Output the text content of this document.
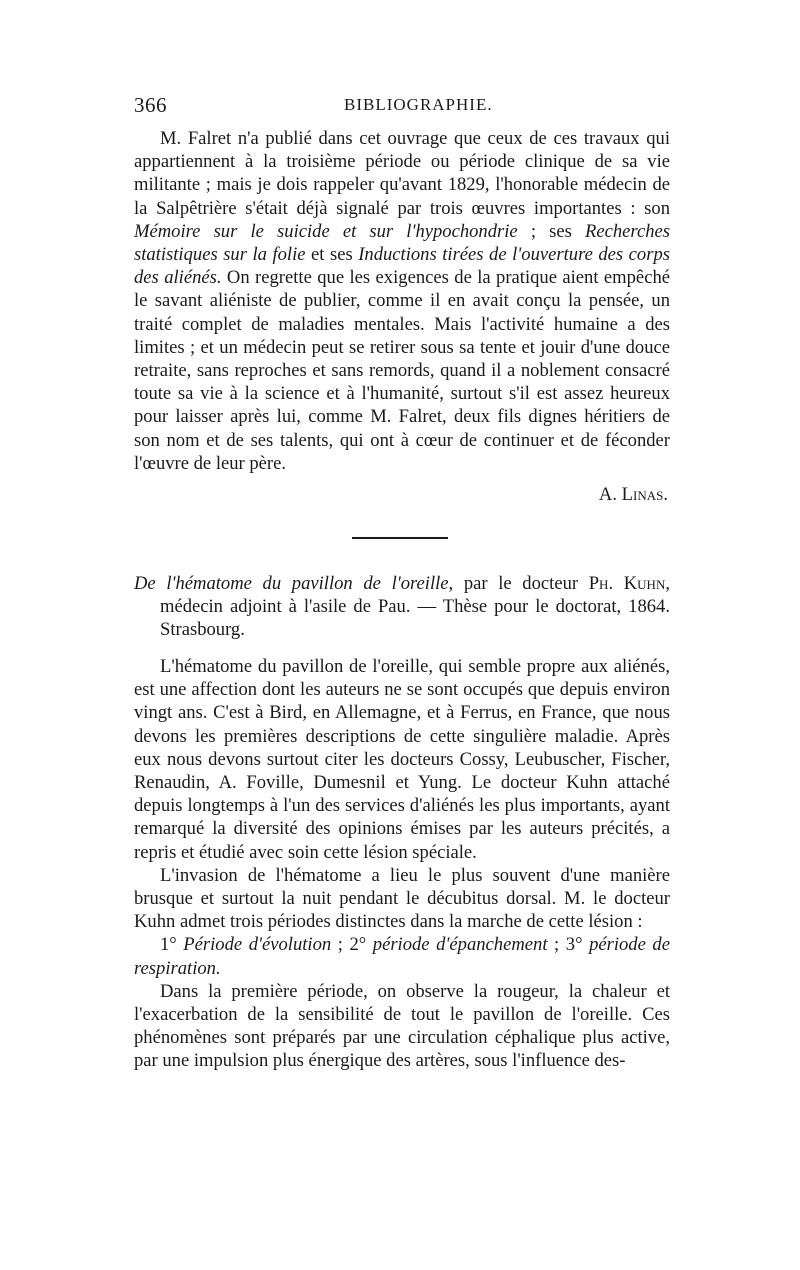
366	BIBLIOGRAPHIE.

M. Falret n'a publié dans cet ouvrage que ceux de ces travaux qui appartiennent à la troisième période ou période clinique de sa vie militante ; mais je dois rappeler qu'avant 1829, l'honorable médecin de la Salpêtrière s'était déjà signalé par trois œuvres importantes : son Mémoire sur le suicide et sur l'hypochondrie ; ses Recherches statistiques sur la folie et ses Inductions tirées de l'ouverture des corps des aliénés. On regrette que les exigences de la pratique aient empêché le savant aliéniste de publier, comme il en avait conçu la pensée, un traité complet de maladies mentales. Mais l'activité humaine a des limites ; et un médecin peut se retirer sous sa tente et jouir d'une douce retraite, sans reproches et sans remords, quand il a noblement consacré toute sa vie à la science et à l'humanité, surtout s'il est assez heureux pour laisser après lui, comme M. Falret, deux fils dignes héritiers de son nom et de ses talents, qui ont à cœur de continuer et de féconder l'œuvre de leur père.

A. Linas.

De l'hématome du pavillon de l'oreille, par le docteur Ph. Kuhn, médecin adjoint à l'asile de Pau. — Thèse pour le doctorat, 1864. Strasbourg.

L'hématome du pavillon de l'oreille, qui semble propre aux aliénés, est une affection dont les auteurs ne se sont occupés que depuis environ vingt ans. C'est à Bird, en Allemagne, et à Ferrus, en France, que nous devons les premières descriptions de cette singulière maladie. Après eux nous devons surtout citer les docteurs Cossy, Leubuscher, Fischer, Renaudin, A. Foville, Dumesnil et Yung. Le docteur Kuhn attaché depuis longtemps à l'un des services d'aliénés les plus importants, ayant remarqué la diversité des opinions émises par les auteurs précités, a repris et étudié avec soin cette lésion spéciale.

L'invasion de l'hématome a lieu le plus souvent d'une manière brusque et surtout la nuit pendant le décubitus dorsal. M. le docteur Kuhn admet trois périodes distinctes dans la marche de cette lésion :

1° Période d'évolution ; 2° période d'épanchement ; 3° période de respiration.

Dans la première période, on observe la rougeur, la chaleur et l'exacerbation de la sensibilité de tout le pavillon de l'oreille. Ces phénomènes sont préparés par une circulation céphalique plus active, par une impulsion plus énergique des artères, sous l'influence des-
